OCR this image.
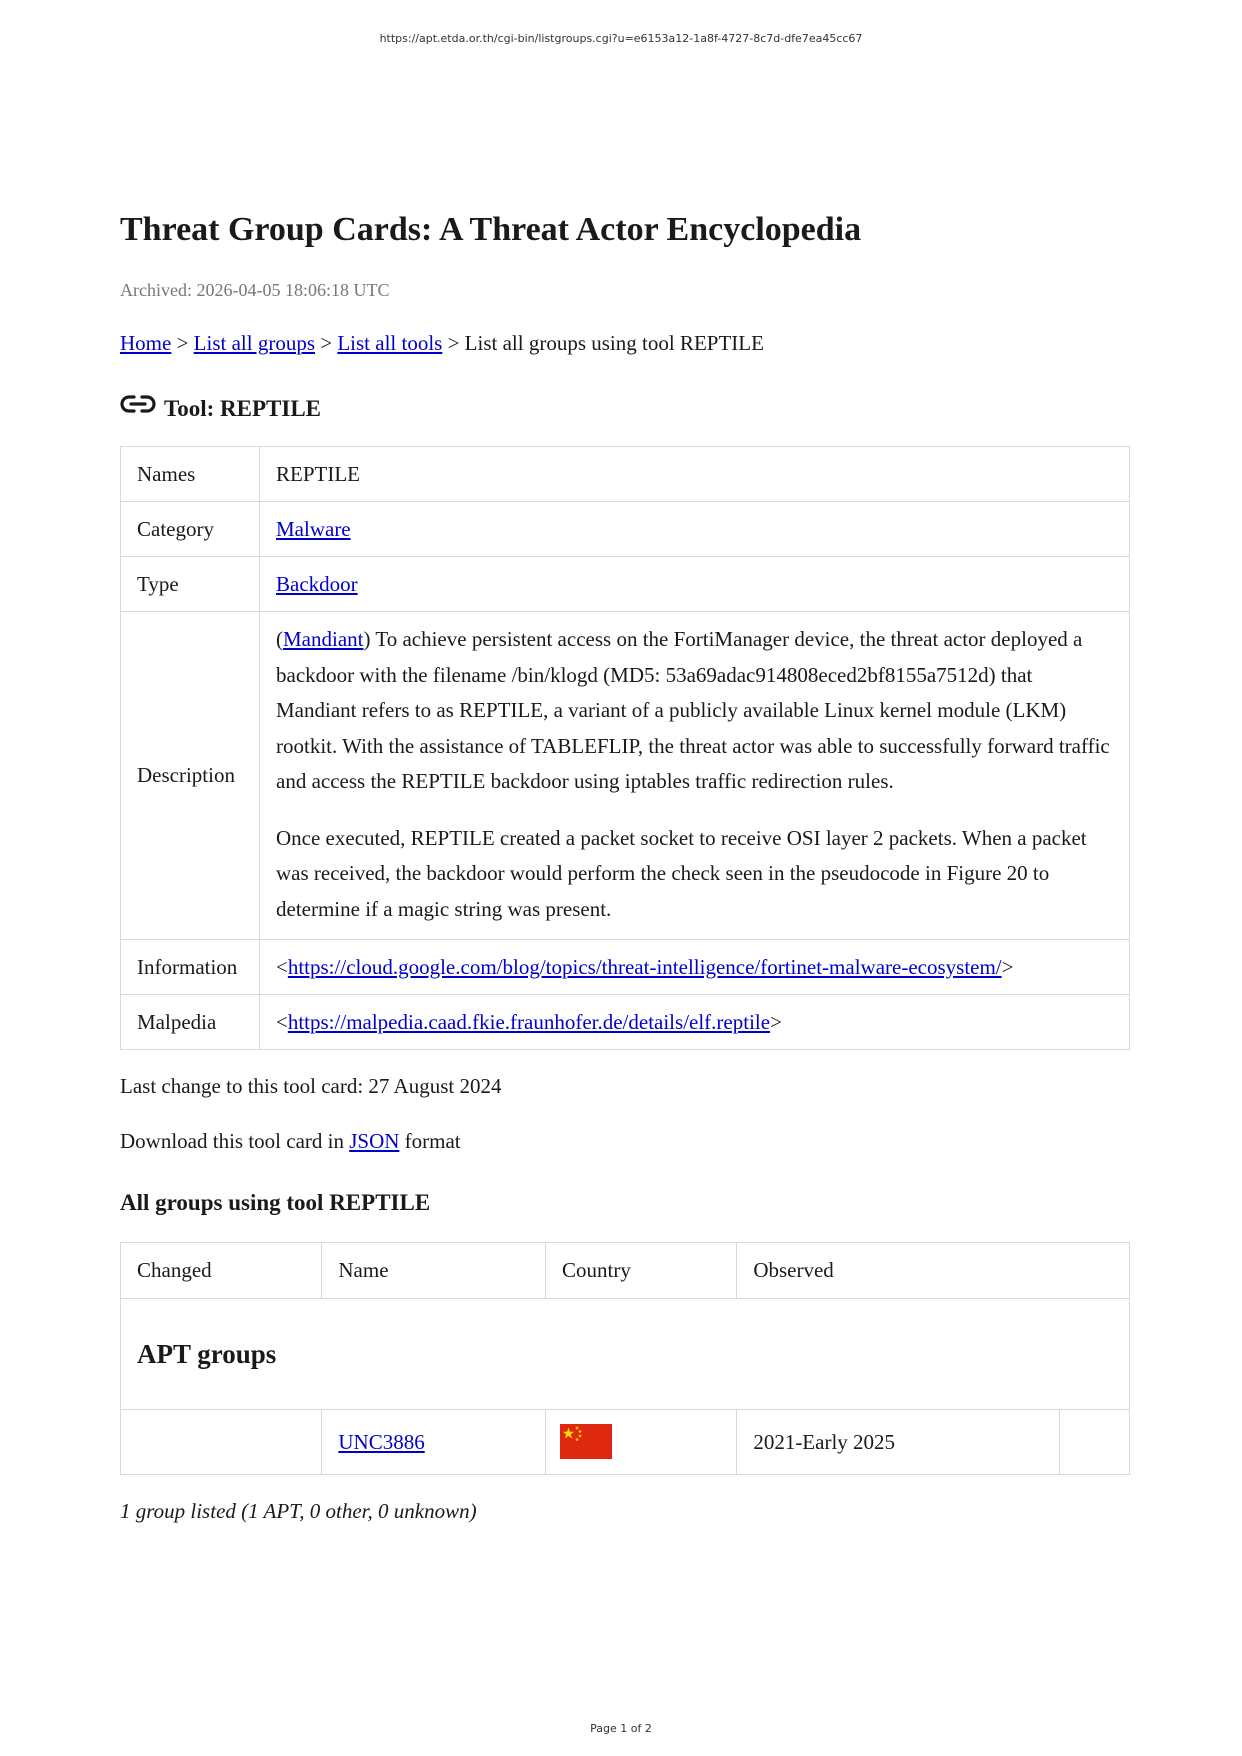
https://apt.etda.or.th/cgi-bin/listgroups.cgi?u=e6153a12-1a8f-4727-8c7d-dfe7ea45cc67
Threat Group Cards: A Threat Actor Encyclopedia
Archived: 2026-04-05 18:06:18 UTC
Home > List all groups > List all tools > List all groups using tool REPTILE
Tool: REPTILE
Names	REPTILE
Category	Malware
Type	Backdoor
Description	(Mandiant) To achieve persistent access on the FortiManager device, the threat actor deployed a backdoor with the filename /bin/klogd (MD5: 53a69adac914808eced2bf8155a7512d) that Mandiant refers to as REPTILE, a variant of a publicly available Linux kernel module (LKM) rootkit. With the assistance of TABLEFLIP, the threat actor was able to successfully forward traffic and access the REPTILE backdoor using iptables traffic redirection rules.

Once executed, REPTILE created a packet socket to receive OSI layer 2 packets. When a packet was received, the backdoor would perform the check seen in the pseudocode in Figure 20 to determine if a magic string was present.

Information	<https://cloud.google.com/blog/topics/threat-intelligence/fortinet-malware-ecosystem/>
Malpedia	<https://malpedia.caad.fkie.fraunhofer.de/details/elf.reptile>
Last change to this tool card: 27 August 2024
Download this tool card in JSON format
All groups using tool REPTILE
Changed	Name	Country	Observed	
APT groups				
	UNC3886		2021-Early 2025	
1 group listed (1 APT, 0 other, 0 unknown)
Page 1 of 2
